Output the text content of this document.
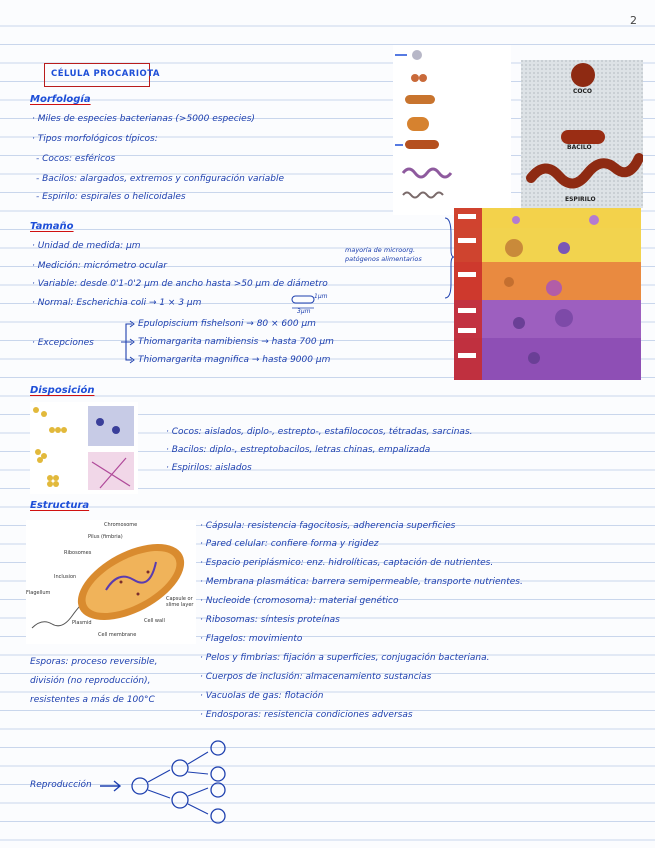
2
CÉLULA PROCARIOTA
Morfología
· Miles de especies bacterianas (>5000 especies)
· Tipos morfológicos típicos:
- Cocos: esféricos
- Bacilos: alargados, extremos y configuración variable
- Espirilo: espirales o helicoidales
COCO
BACILO
ESPIRILO
Tamaño
· Unidad de medida: µm
· Medición: micrómetro ocular
· Variable: desde 0'1-0'2 µm de ancho hasta >50 µm de diámetro
· Normal: Escherichia coli → 1 × 3 µm
1µm
3µm
· Excepciones
Epulopiscium fishelsoni → 80 × 600 µm
Thiomargarita namibiensis → hasta 700 µm
Thiomargarita magnifica → hasta 9000 µm
mayoría de microorg. patógenos alimentarios
Disposición
· Cocos: aislados, diplo-, estrepto-, estafilococos, tétradas, sarcinas.
· Bacilos: diplo-, estreptobacilos, letras chinas, empalizada
· Espirilos: aislados
Estructura
Chromosome
Pilus (fimbria)
Ribosomes
Inclusion
Flagellum
Plasmid
Cell membrane
Cell wall
Capsule or slime layer
· Cápsula: resistencia fagocitosis, adherencia superficies
· Pared celular: confiere forma y rigidez
· Espacio periplásmico: enz. hidrolíticas, captación de nutrientes.
· Membrana plasmática: barrera semipermeable, transporte nutrientes.
· Nucleoide (cromosoma): material genético
· Ribosomas: síntesis proteínas
· Flagelos: movimiento
· Pelos y fimbrias: fijación a superficies, conjugación bacteriana.
· Cuerpos de inclusión: almacenamiento sustancias
· Vacuolas de gas: flotación
· Endosporas: resistencia condiciones adversas
Esporas: proceso reversible,
división (no reproducción),
resistentes a más de 100°C
Reproducción
